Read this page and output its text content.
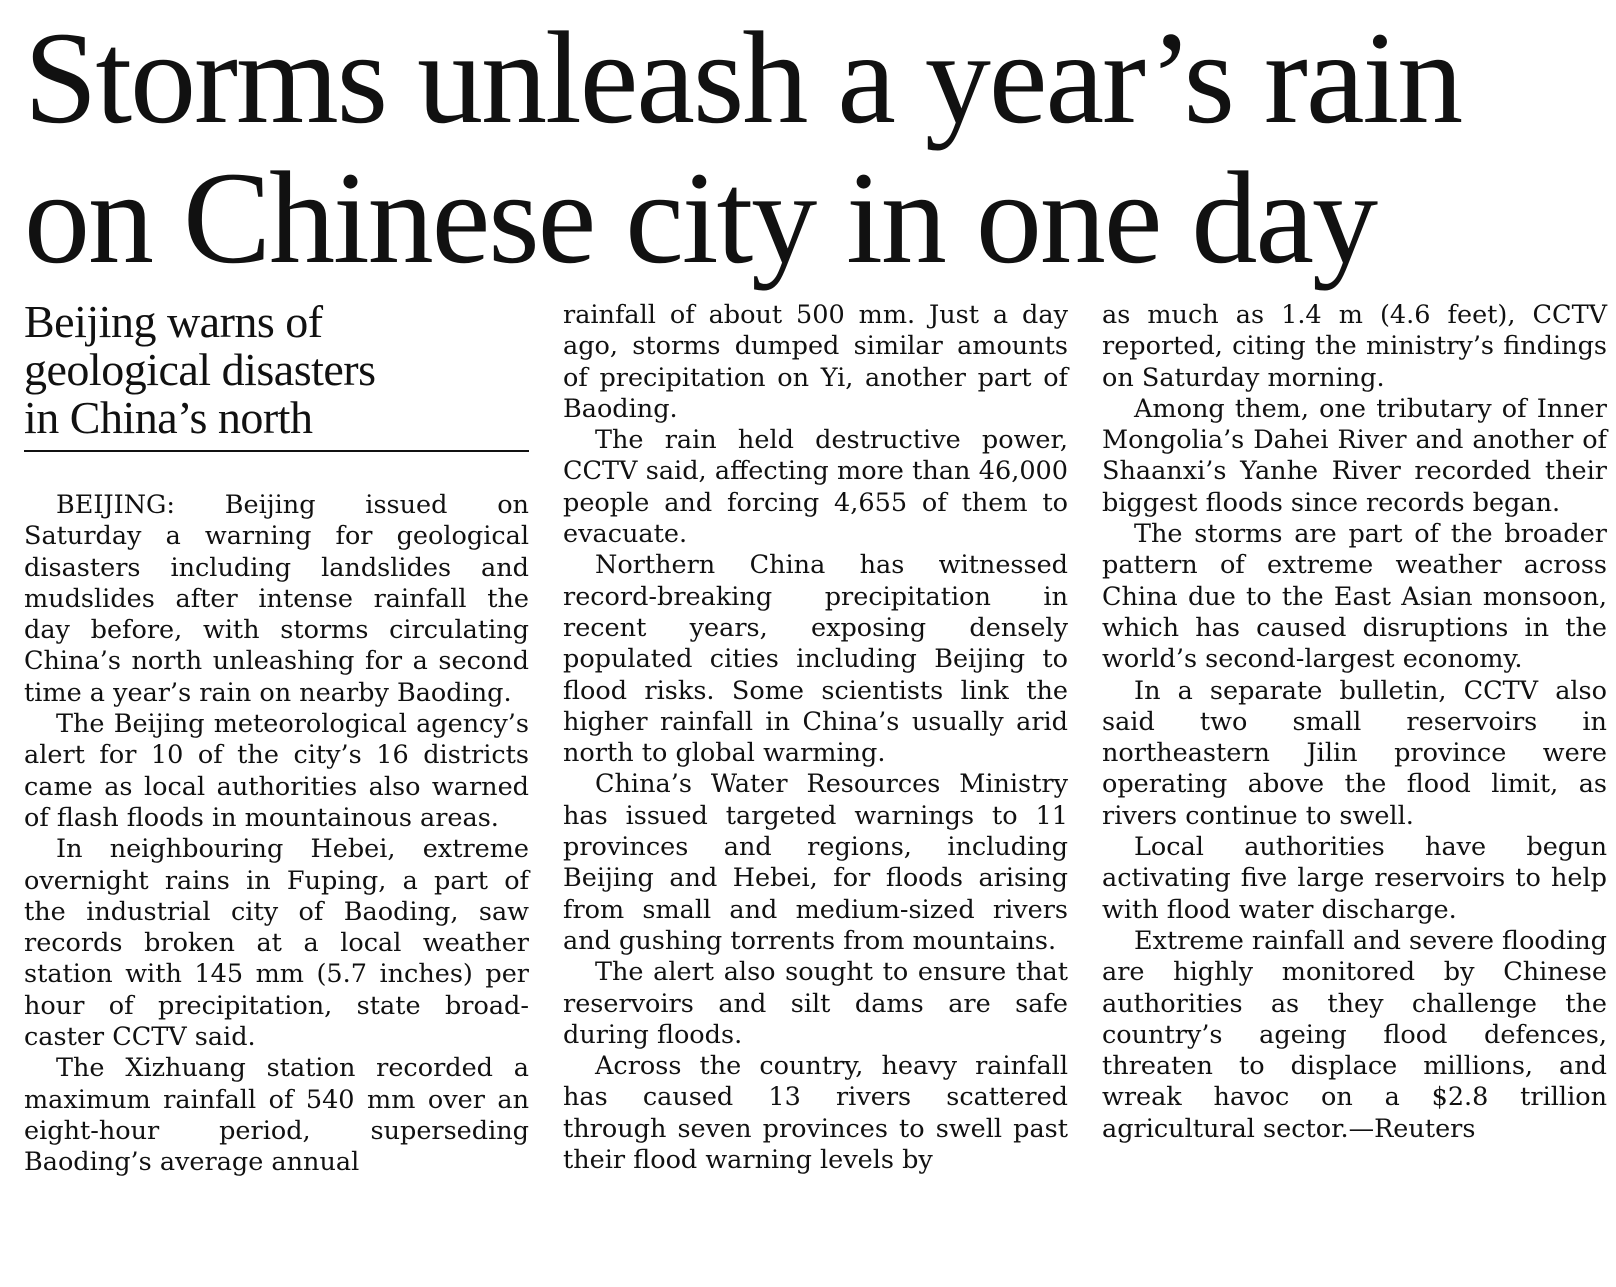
Storms unleash a year’s rain
on Chinese city in one day
Beijing warns of
geological disasters
in China’s north

BEIJING: Beijing issued on Saturday a warning for geological disasters including landslides and mudslides after intense rainfall the day before, with storms circulating China’s north unleashing for a second time a year’s rain on nearby Baoding.

The Beijing meteorological agency’s alert for 10 of the city’s 16 districts came as local authorities also warned of flash floods in mountainous areas.

In neighbouring Hebei, extreme overnight rains in Fuping, a part of the industrial city of Baoding, saw records broken at a local weather station with 145 mm (5.7 inches) per hour of precipitation, state broadcaster CCTV said.

The Xizhuang station recorded a maximum rainfall of 540 mm over an eight-hour period, superseding Baoding’s average annual

rainfall of about 500 mm. Just a day ago, storms dumped similar amounts of precipitation on Yi, another part of Baoding.

The rain held destructive power, CCTV said, affecting more than 46,000 people and forcing 4,655 of them to evacuate.

Northern China has witnessed record-breaking precipitation in recent years, exposing densely populated cities including Beijing to flood risks. Some scientists link the higher rainfall in China’s usually arid north to global warming.

China’s Water Resources Ministry has issued targeted warnings to 11 provinces and regions, including Beijing and Hebei, for floods arising from small and medium-sized rivers and gushing torrents from mountains.

The alert also sought to ensure that reservoirs and silt dams are safe during floods.

Across the country, heavy rainfall has caused 13 rivers scattered through seven provinces to swell past their flood warning levels by

as much as 1.4 m (4.6 feet), CCTV reported, citing the ministry’s findings on Saturday morning.

Among them, one tributary of Inner Mongolia’s Dahei River and another of Shaanxi’s Yanhe River recorded their biggest floods since records began.

The storms are part of the broader pattern of extreme weather across China due to the East Asian monsoon, which has caused disruptions in the world’s second-largest economy.

In a separate bulletin, CCTV also said two small reservoirs in northeastern Jilin province were operating above the flood limit, as rivers continue to swell.

Local authorities have begun activating five large reservoirs to help with flood water discharge.

Extreme rainfall and severe flooding are highly monitored by Chinese authorities as they challenge the country’s ageing flood defences, threaten to displace millions, and wreak havoc on a $2.8 trillion agricultural sector.—Reuters
